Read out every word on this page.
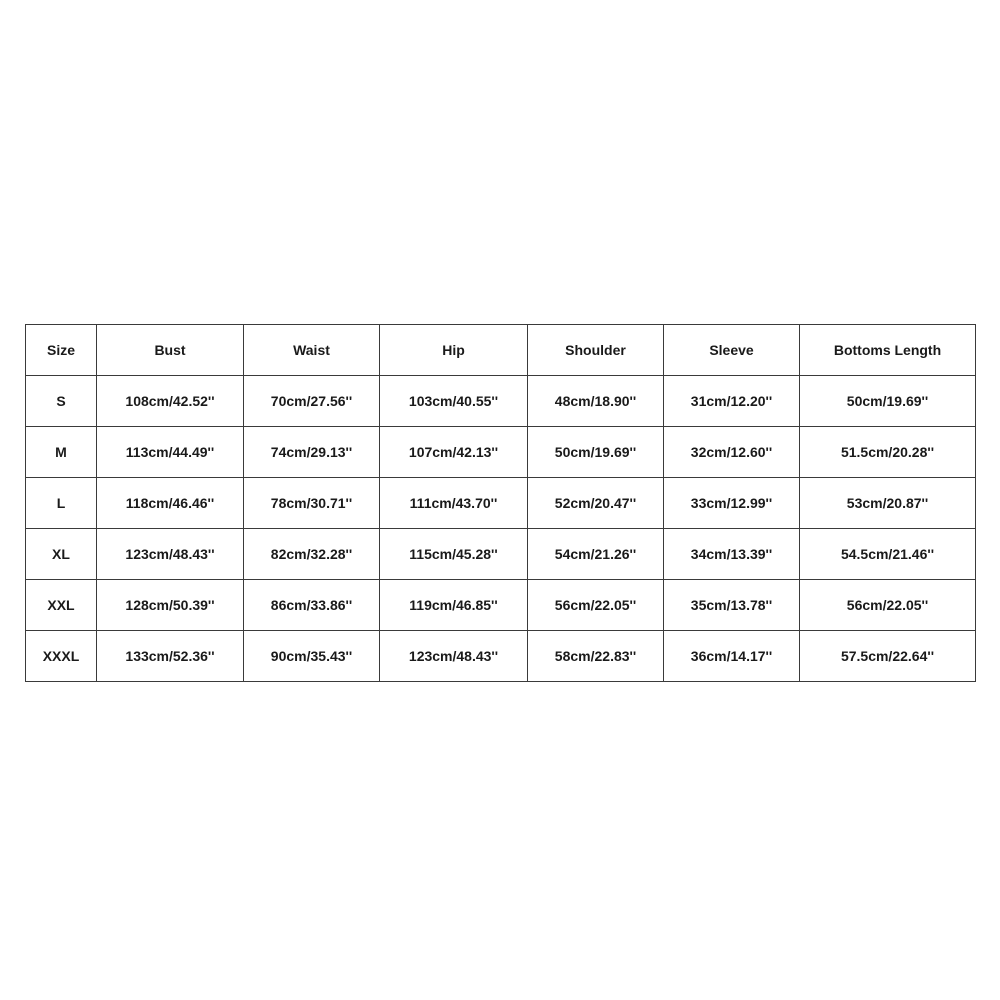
Size	Bust	Waist	Hip	Shoulder	Sleeve	Bottoms Length
S	108cm/42.52''	70cm/27.56''	103cm/40.55''	48cm/18.90''	31cm/12.20''	50cm/19.69''
M	113cm/44.49''	74cm/29.13''	107cm/42.13''	50cm/19.69''	32cm/12.60''	51.5cm/20.28''
L	118cm/46.46''	78cm/30.71''	111cm/43.70''	52cm/20.47''	33cm/12.99''	53cm/20.87''
XL	123cm/48.43''	82cm/32.28''	115cm/45.28''	54cm/21.26''	34cm/13.39''	54.5cm/21.46''
XXL	128cm/50.39''	86cm/33.86''	119cm/46.85''	56cm/22.05''	35cm/13.78''	56cm/22.05''
XXXL	133cm/52.36''	90cm/35.43''	123cm/48.43''	58cm/22.83''	36cm/14.17''	57.5cm/22.64''
